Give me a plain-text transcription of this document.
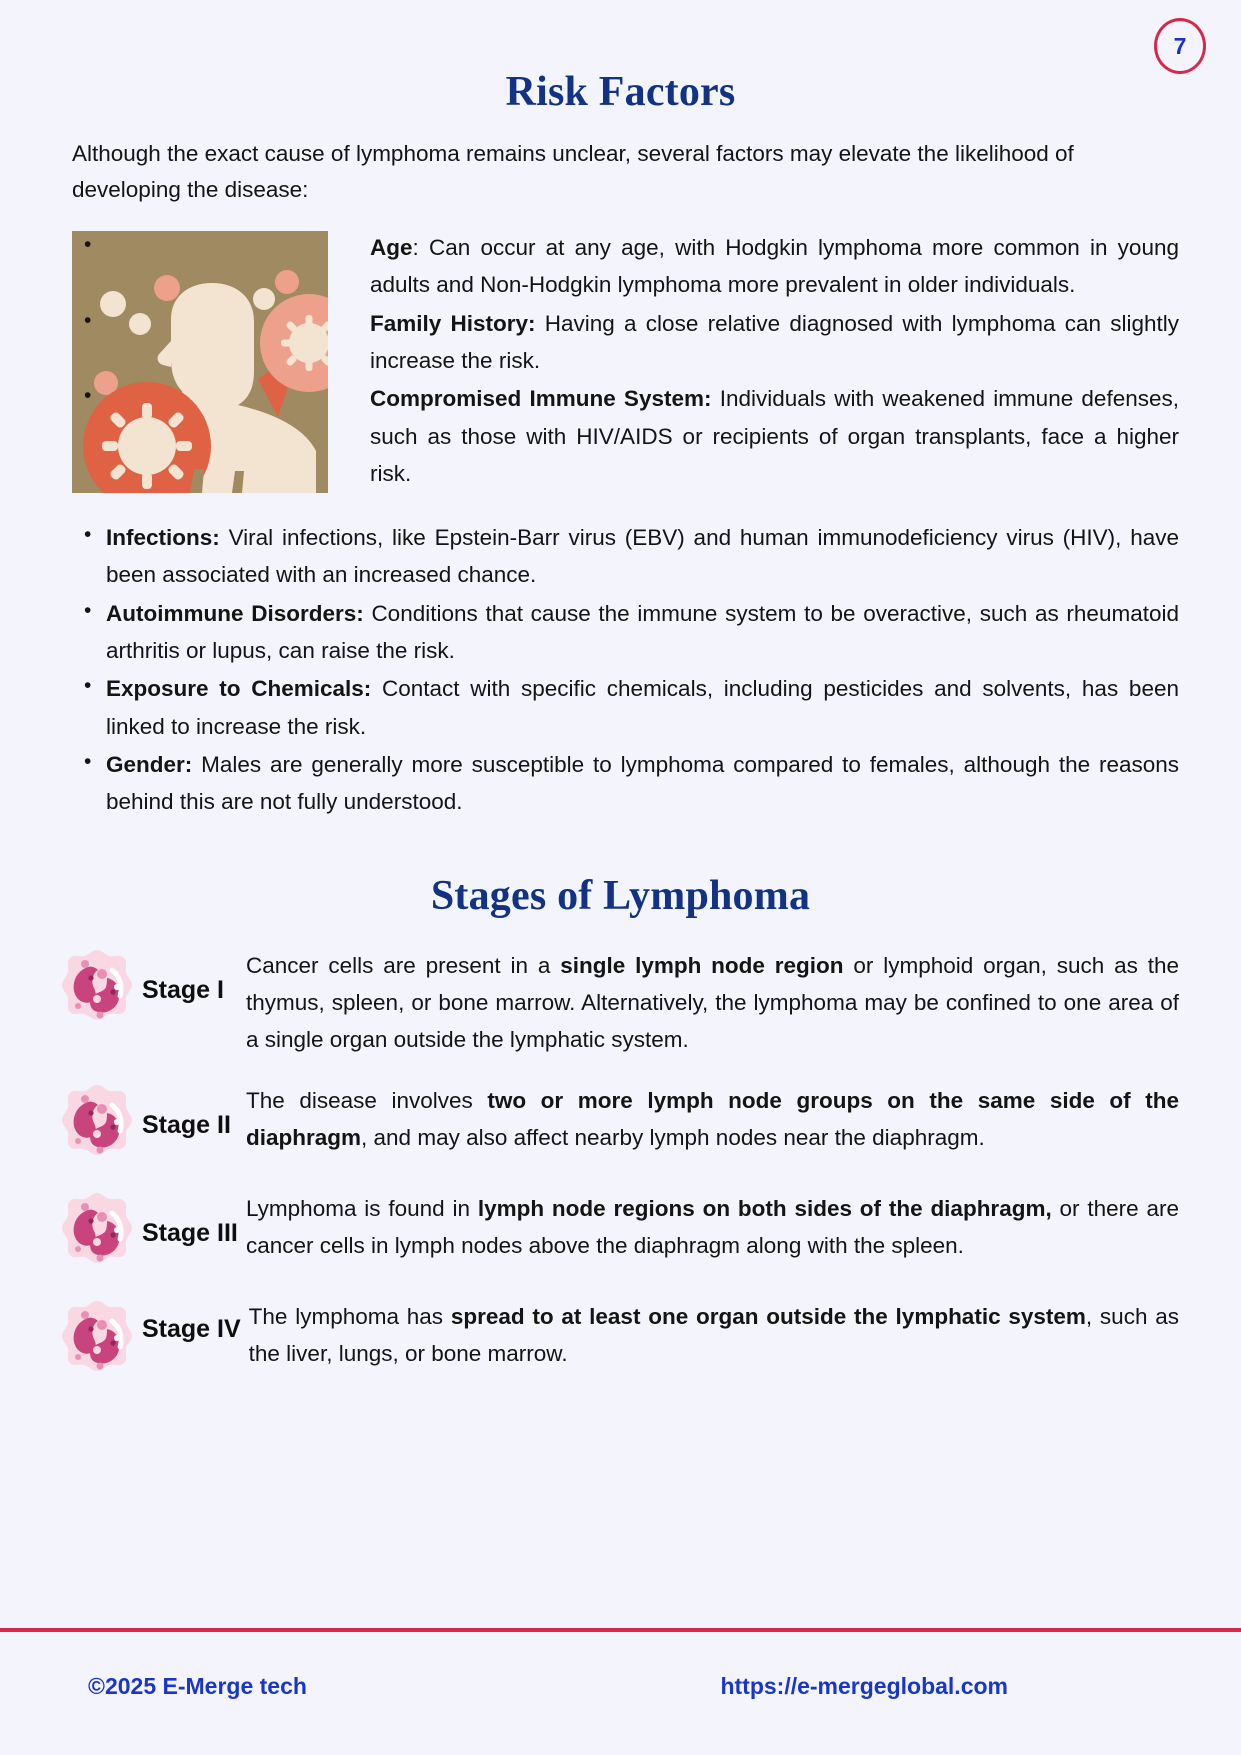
7
Risk Factors

Although the exact cause of lymphoma remains unclear, several factors may elevate the likelihood of developing the disease:

• Age: Can occur at any age, with Hodgkin lymphoma more common in young adults and Non-Hodgkin lymphoma more prevalent in older individuals.
• Family History: Having a close relative diagnosed with lymphoma can slightly increase the risk.
• Compromised Immune System: Individuals with weakened immune defenses, such as those with HIV/AIDS or recipients of organ transplants, face a higher risk.
• Infections: Viral infections, like Epstein-Barr virus (EBV) and human immunodeficiency virus (HIV), have been associated with an increased chance.
• Autoimmune Disorders: Conditions that cause the immune system to be overactive, such as rheumatoid arthritis or lupus, can raise the risk.
• Exposure to Chemicals: Contact with specific chemicals, including pesticides and solvents, has been linked to increase the risk.
• Gender: Males are generally more susceptible to lymphoma compared to females, although the reasons behind this are not fully understood.
Stages of Lymphoma
Stage I
Cancer cells are present in a single lymph node region or lymphoid organ, such as the thymus, spleen, or bone marrow. Alternatively, the lymphoma may be confined to one area of a single organ outside the lymphatic system.
Stage II
The disease involves two or more lymph node groups on the same side of the diaphragm, and may also affect nearby lymph nodes near the diaphragm.
Stage III
Lymphoma is found in lymph node regions on both sides of the diaphragm, or there are cancer cells in lymph nodes above the diaphragm along with the spleen.
Stage IV The lymphoma has spread to at least one organ outside the lymphatic system, such as the liver, lungs, or bone marrow.
©2025 E-Merge tech	https://e-mergeglobal.com
